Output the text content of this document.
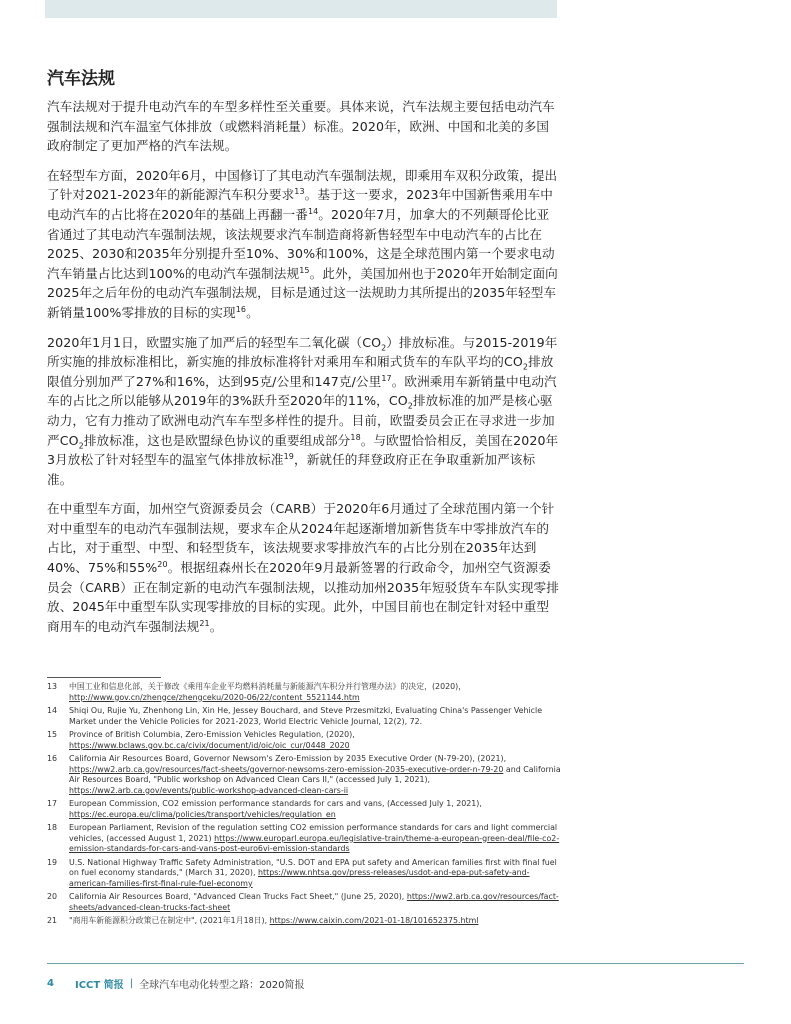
汽车法规

汽车法规对于提升电动汽车的车型多样性至关重要。具体来说，汽车法规主要包括电动汽车强制法规和汽车温室气体排放（或燃料消耗量）标准。2020年，欧洲、中国和北美的多国政府制定了更加严格的汽车法规。

在轻型车方面，2020年6月，中国修订了其电动汽车强制法规，即乘用车双积分政策，提出了针对2021-2023年的新能源汽车积分要求$^{13}$。基于这一要求，2023年中国新售乘用车中电动汽车的占比将在2020年的基础上再翻一番$^{14}$。2020年7月，加拿大的不列颠哥伦比亚省通过了其电动汽车强制法规，该法规要求汽车制造商将新售轻型车中电动汽车的占比在2025、2030和2035年分别提升至10%、30%和100%，这是全球范围内第一个要求电动汽车销量占比达到100%的电动汽车强制法规$^{15}$。此外，美国加州也于2020年开始制定面向2025年之后年份的电动汽车强制法规，目标是通过这一法规助力其所提出的2035年轻型车新销量100%零排放的目标的实现$^{16}$。

2020年1月1日，欧盟实施了加严后的轻型车二氧化碳$(CO_2)$排放标准。与2015-2019年所实施的排放标准相比，新实施的排放标准将针对乘用车和厢式货车的车队平均的$CO_2$排放限值分别加严了27%和16%，达到95克/公里和147克/公里$^{17}$。欧洲乘用车新销量中电动汽车的占比之所以能够从2019年的3%跃升至2020年的11%，$CO_2$排放标准的加严是核心驱动力，它有力推动了欧洲电动汽车车型多样性的提升。目前，欧盟委员会正在寻求进一步加严$CO_2$排放标准，这也是欧盟绿色协议的重要组成部分$^{18}$。与欧盟恰恰相反，美国在2020年3月放松了针对轻型车的温室气体排放标准$^{19}$，新就任的拜登政府正在争取重新加严该标准。

在中重型车方面，加州空气资源委员会（CARB）于2020年6月通过了全球范围内第一个针对中重型车的电动汽车强制法规，要求车企从2024年起逐渐增加新售货车中零排放汽车的占比，对于重型、中型、和轻型货车，该法规要求零排放汽车的占比分别在2035年达到40%、75%和55%$^{20}$。根据纽森州长在2020年9月最新签署的行政命令，加州空气资源委员会（CARB）正在制定新的电动汽车强制法规，以推动加州2035年短驳货车车队实现零排放、2045年中重型车队实现零排放的目标的实现。此外，中国目前也在制定针对轻中重型商用车的电动汽车强制法规$^{21}$。

13	中国工业和信息化部，关于修改《乘用车企业平均燃料消耗量与新能源汽车积分并行管理办法》的决定，(2020)，http://www.gov.cn/zhengce/zhengceku/2020-06/22/content_5521144.htm
14	Shiqi Ou, Rujie Yu, Zhenhong Lin, Xin He, Jessey Bouchard, and Steve Przesmitzki, Evaluating China's Passenger Vehicle Market under the Vehicle Policies for 2021-2023, World Electric Vehicle Journal, 12(2), 72.
15	Province of British Columbia, Zero-Emission Vehicles Regulation, (2020), https://www.bclaws.gov.bc.ca/civix/document/id/oic/oic_cur/0448_2020
16	California Air Resources Board, Governor Newsom's Zero-Emission by 2035 Executive Order (N-79-20), (2021), https://ww2.arb.ca.gov/resources/fact-sheets/governor-newsoms-zero-emission-2035-executive-order-n-79-20 and California Air Resources Board, "Public workshop on Advanced Clean Cars II," (accessed July 1, 2021), https://ww2.arb.ca.gov/events/public-workshop-advanced-clean-cars-ii
17	European Commission, CO2 emission performance standards for cars and vans, (Accessed July 1, 2021), https://ec.europa.eu/clima/policies/transport/vehicles/regulation_en
18	European Parliament, Revision of the regulation setting CO2 emission performance standards for cars and light commercial vehicles, (accessed August 1, 2021) https://www.europarl.europa.eu/legislative-train/theme-a-european-green-deal/file-co2-emission-standards-for-cars-and-vans-post-euro6vi-emission-standards
19	U.S. National Highway Traffic Safety Administration, "U.S. DOT and EPA put safety and American families first with final fuel on fuel economy standards," (March 31, 2020), https://www.nhtsa.gov/press-releases/usdot-and-epa-put-safety-and-american-families-first-final-rule-fuel-economy
20	California Air Resources Board, "Advanced Clean Trucks Fact Sheet," (June 25, 2020), https://ww2.arb.ca.gov/resources/fact-sheets/advanced-clean-trucks-fact-sheet
21	"商用车新能源积分政策已在制定中", (2021年1月18日), https://www.caixin.com/2021-01-18/101652375.html
4	ICCT 简报 | 全球汽车电动化转型之路：2020简报
